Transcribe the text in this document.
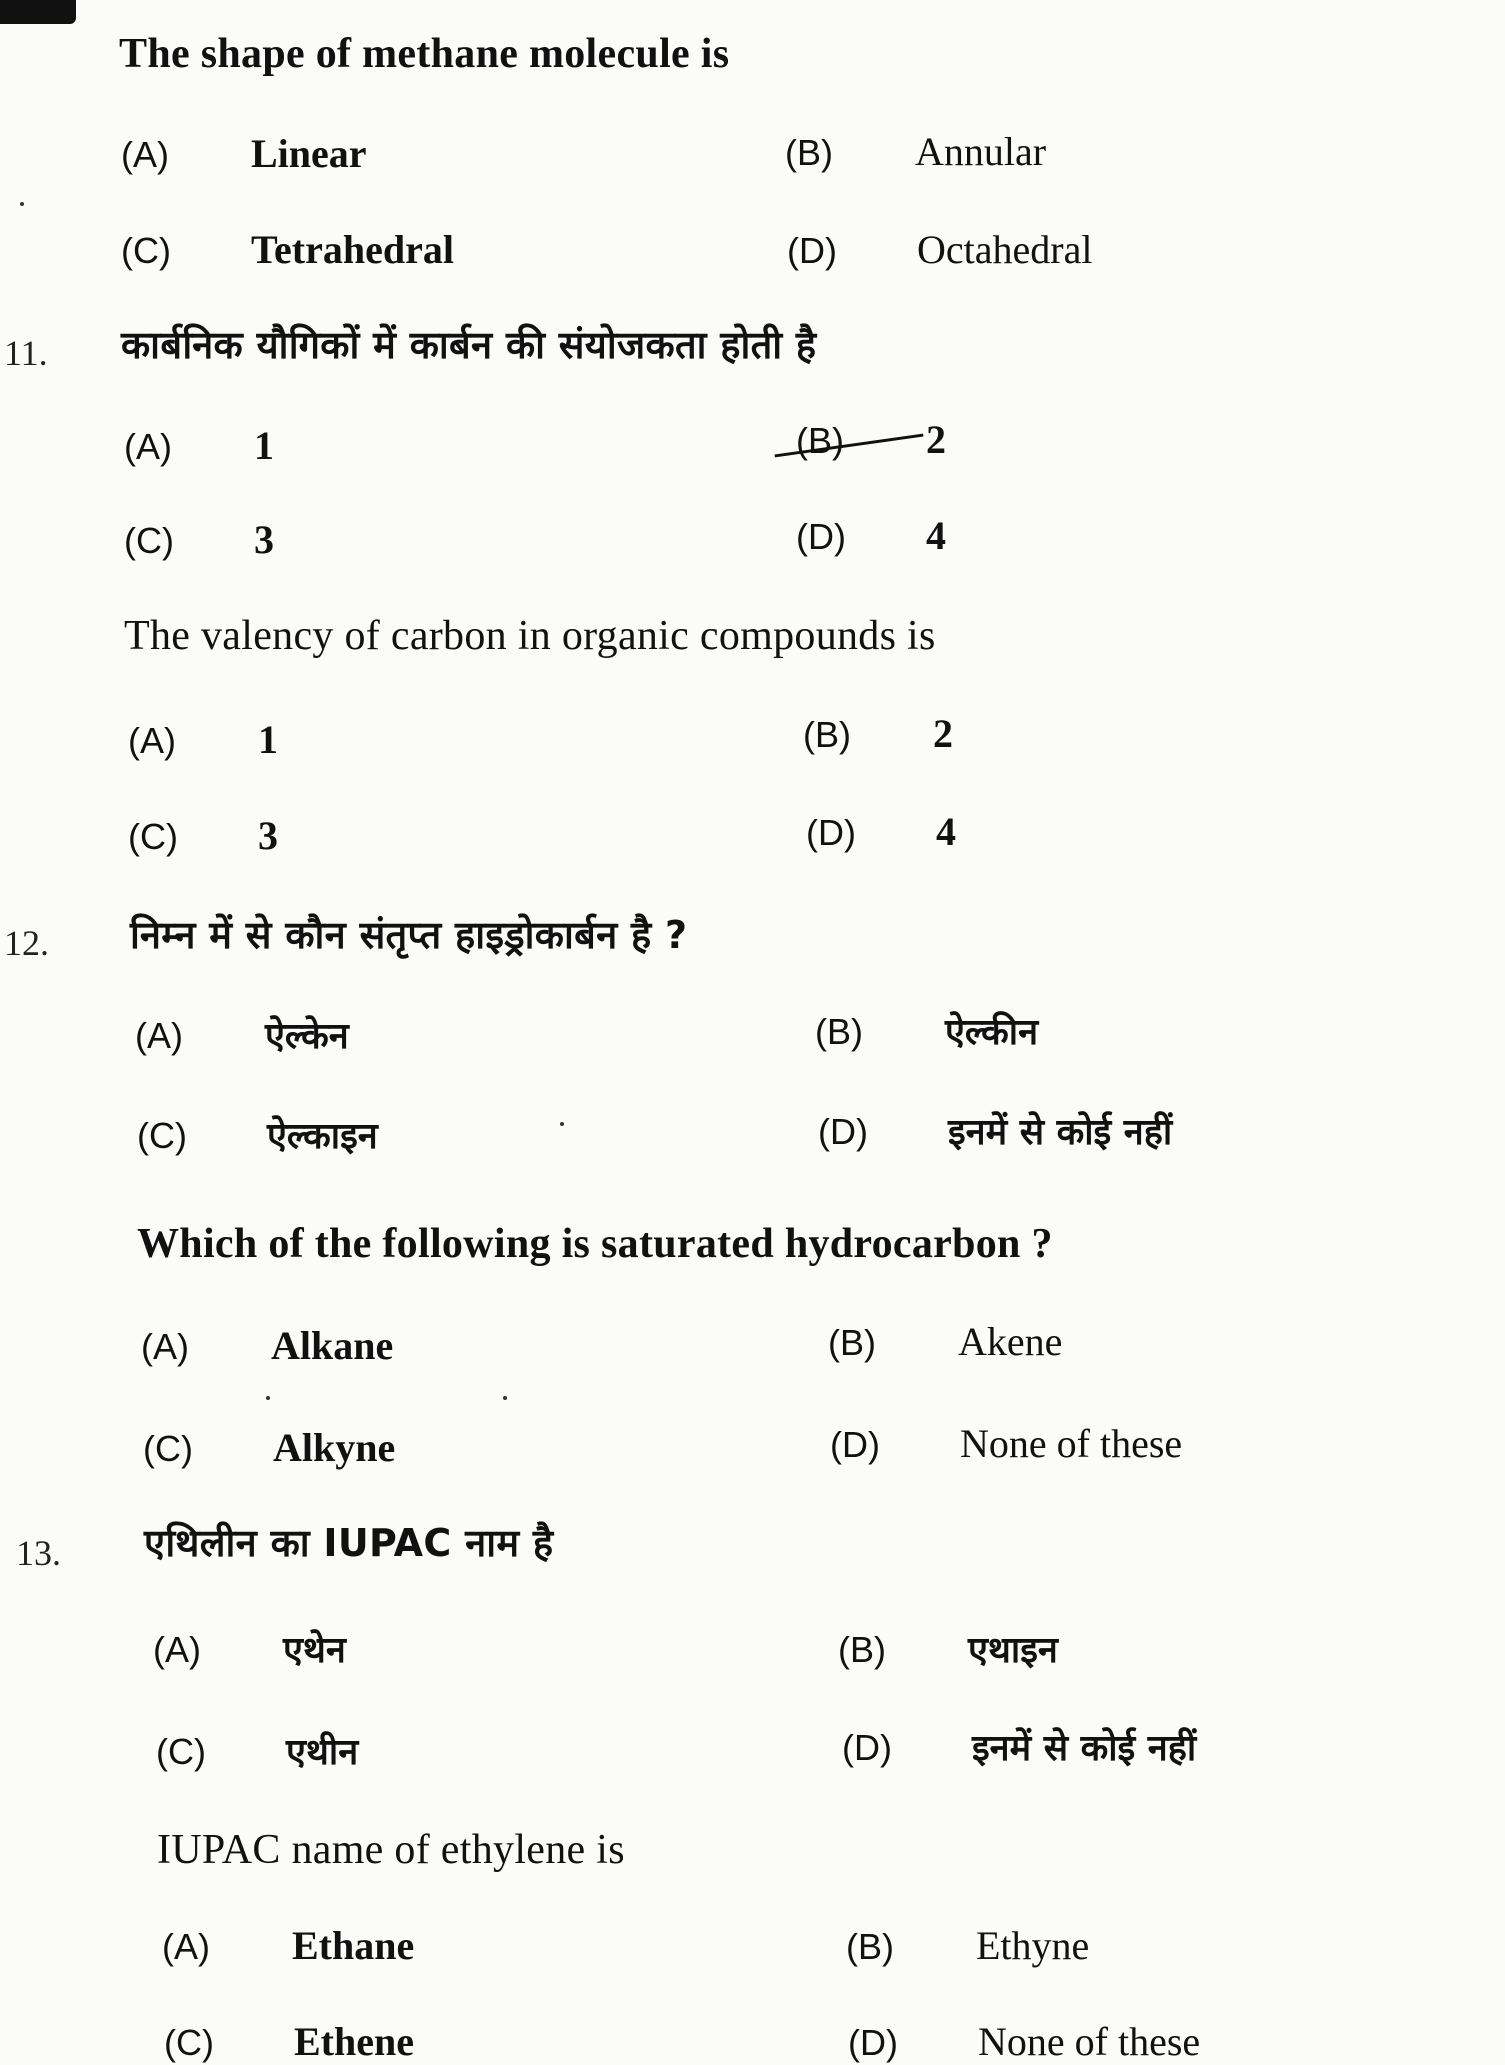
The shape of methane molecule is
(A) Linear	(B) Annular
(C) Tetrahedral	(D) Octahedral
11. कार्बनिक यौगिकों में कार्बन की संयोजकता होती है
(A) 1	(B) 2
(C) 3	(D) 4
The valency of carbon in organic compounds is
(A) 1	(B) 2
(C) 3	(D) 4
12. निम्न में से कौन संतृप्त हाइड्रोकार्बन है ?
(A) ऐल्केन	(B) ऐल्कीन
(C) ऐल्काइन	(D) इनमें से कोई नहीं
Which of the following is saturated hydrocarbon ?
(A) Alkane	(B) Akene
(C) Alkyne	(D) None of these
13. एथिलीन का IUPAC नाम है
(A) एथेन	(B) एथाइन
(C) एथीन	(D) इनमें से कोई नहीं
IUPAC name of ethylene is
(A) Ethane	(B) Ethyne
(C) Ethene	(D) None of these
